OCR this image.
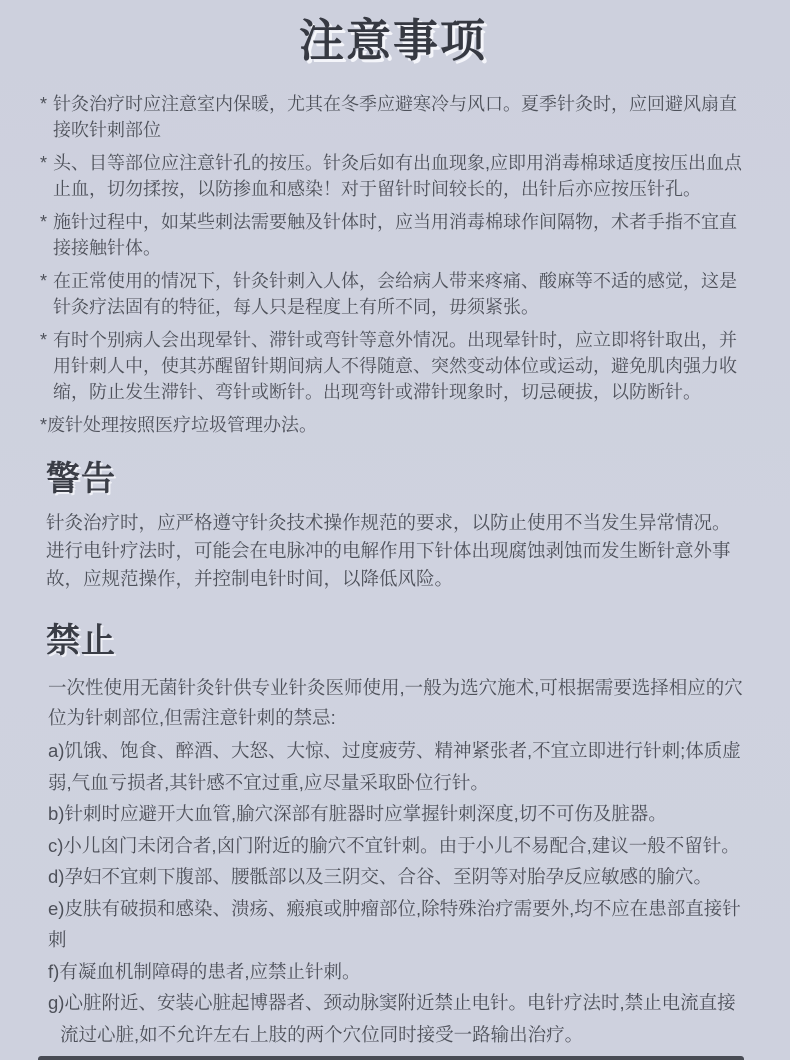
注意事项
* 针灸治疗时应注意室内保暖，尤其在冬季应避寒冷与风口。夏季针灸时，应回避风扇直接吹针刺部位
* 头、目等部位应注意针孔的按压。针灸后如有出血现象,应即用消毒棉球适度按压出血点止血，切勿揉按，以防掺血和感染！对于留针时间较长的，出针后亦应按压针孔。
* 施针过程中，如某些刺法需要触及针体时，应当用消毒棉球作间隔物，术者手指不宜直接接触针体。
* 在正常使用的情况下，针灸针刺入人体，会给病人带来疼痛、酸麻等不适的感觉，这是针灸疗法固有的特征，每人只是程度上有所不同，毋须紧张。
* 有时个别病人会出现晕针、滞针或弯针等意外情况。出现晕针时，应立即将针取出，并用针刺人中，使其苏醒留针期间病人不得随意、突然变动体位或运动，避免肌肉强力收缩，防止发生滞针、弯针或断针。出现弯针或滞针现象时，切忌硬拔，以防断针。
*废针处理按照医疗垃圾管理办法。
警告

针灸治疗时，应严格遵守针灸技术操作规范的要求，以防止使用不当发生异常情况。进行电针疗法时，可能会在电脉冲的电解作用下针体出现腐蚀剥蚀而发生断针意外事故，应规范操作，并控制电针时间，以降低风险。

禁止

一次性使用无菌针灸针供专业针灸医师使用,一般为选穴施术,可根据需要选择相应的穴位为针刺部位,但需注意针刺的禁忌:

a)饥饿、饱食、醉酒、大怒、大惊、过度疲劳、精神紧张者,不宜立即进行针刺;体质虚弱,气血亏损者,其针感不宜过重,应尽量采取卧位行针。
b)针刺时应避开大血管,腧穴深部有脏器时应掌握针刺深度,切不可伤及脏器。
c)小儿囟门未闭合者,囟门附近的腧穴不宜针刺。由于小儿不易配合,建议一般不留针。
d)孕妇不宜刺下腹部、腰骶部以及三阴交、合谷、至阴等对胎孕反应敏感的腧穴。
e)皮肤有破损和感染、溃疡、瘢痕或肿瘤部位,除特殊治疗需要外,均不应在患部直接针刺
f)有凝血机制障碍的患者,应禁止针刺。
g)心脏附近、安装心脏起博器者、颈动脉窦附近禁止电针。电针疗法时,禁止电流直接流过心脏,如不允许左右上肢的两个穴位同时接受一路输出治疗。
